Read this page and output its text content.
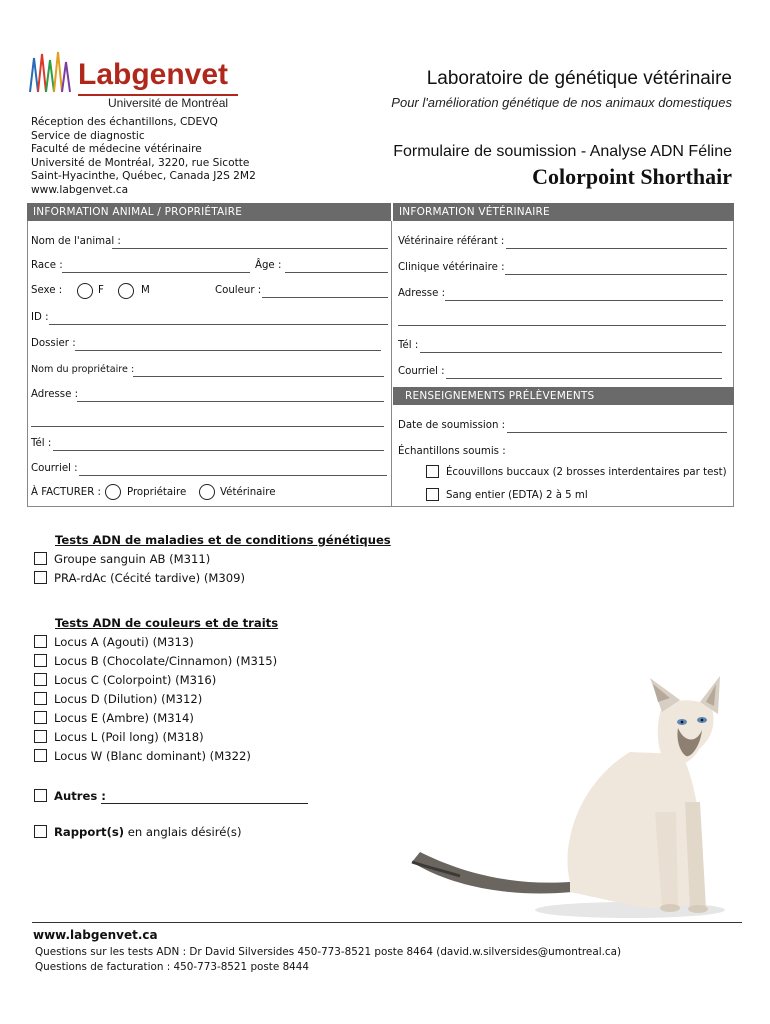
Labgenvet
Université de Montréal
Laboratoire de génétique vétérinaire
Pour l'amélioration génétique de nos animaux domestiques
Réception des échantillons, CDEVQ
Service de diagnostic
Faculté de médecine vétérinaire
Université de Montréal, 3220, rue Sicotte
Saint-Hyacinthe, Québec, Canada J2S 2M2
www.labgenvet.ca
Formulaire de soumission - Analyse ADN Féline
Colorpoint Shorthair
INFORMATION ANIMAL / PROPRIÉTAIRE	INFORMATION VÉTÉRINAIRE
Nom de l'animal :
Race :	Âge :
Sexe :	F	M	Couleur :
ID :
Dossier :
Nom du propriétaire :
Adresse :
Tél :
Courriel :
À FACTURER :	Propriétaire	Vétérinaire
Vétérinaire référant :
Clinique vétérinaire :
Adresse :
Tél :
Courriel :
RENSEIGNEMENTS PRÉLÈVEMENTS
Date de soumission :
Échantillons soumis :
Écouvillons buccaux (2 brosses interdentaires par test)
Sang entier (EDTA) 2 à 5 ml
Tests ADN de maladies et de conditions génétiques
Groupe sanguin AB (M311)
PRA-rdAc (Cécité tardive) (M309)
Tests ADN de couleurs et de traits
Locus A (Agouti) (M313)
Locus B (Chocolate/Cinnamon) (M315)
Locus C (Colorpoint) (M316)
Locus D (Dilution) (M312)
Locus E (Ambre) (M314)
Locus L (Poil long) (M318)
Locus W (Blanc dominant) (M322)
Autres :
Rapport(s) en anglais désiré(s)
www.labgenvet.ca
Questions sur les tests ADN : Dr David Silversides 450-773-8521 poste 8464 (david.w.silversides@umontreal.ca)
Questions de facturation : 450-773-8521 poste 8444
